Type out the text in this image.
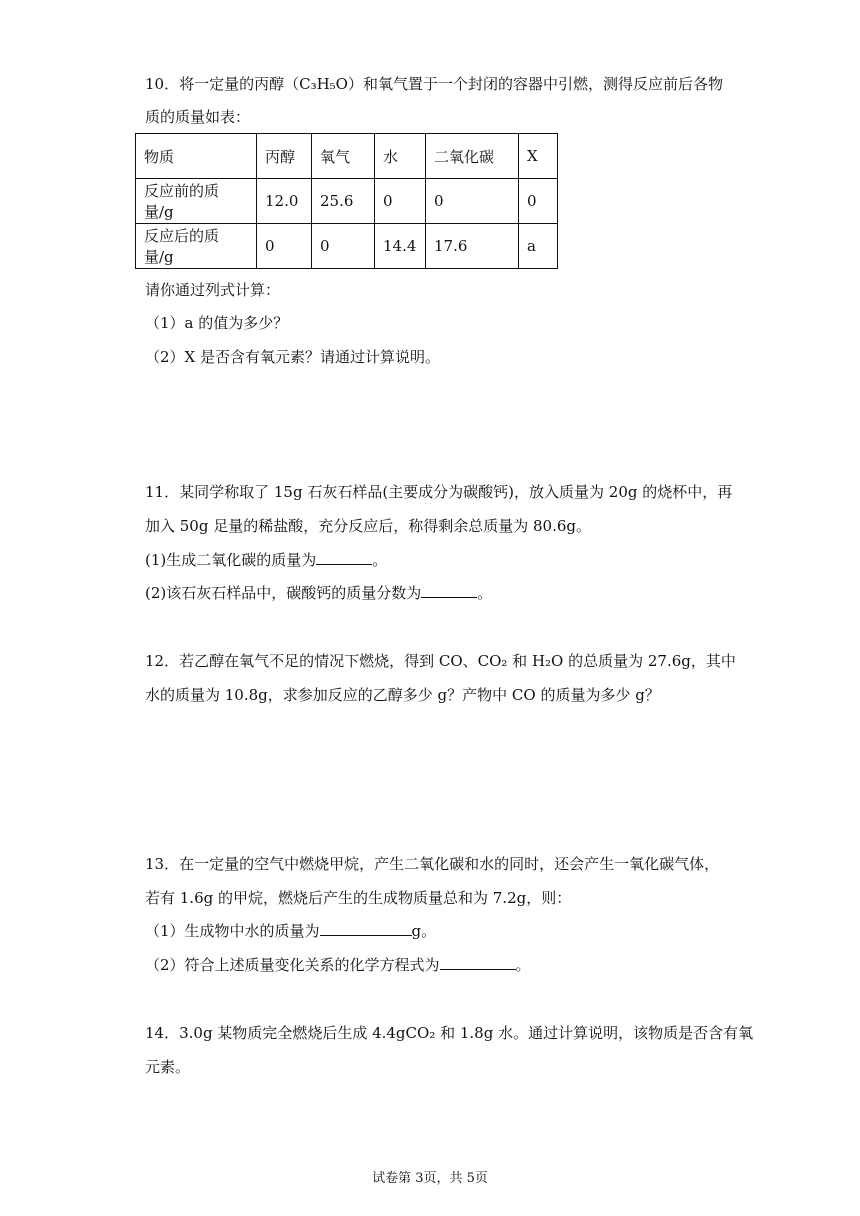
10．将一定量的丙醇（C₃H₅O）和氧气置于一个封闭的容器中引燃，测得反应前后各物
质的质量如表：
物质	丙醇	氧气	水	二氧化碳	X
反应前的质量/g	12.0	25.6	0	0	0
反应后的质量/g	0	0	14.4	17.6	a
请你通过列式计算：
（1）a 的值为多少？
（2）X 是否含有氧元素？请通过计算说明。
11．某同学称取了 15g 石灰石样品(主要成分为碳酸钙)，放入质量为 20g 的烧杯中，再
加入 50g 足量的稀盐酸，充分反应后，称得剩余总质量为 80.6g。
(1)生成二氧化碳的质量为	。
(2)该石灰石样品中，碳酸钙的质量分数为	。
12．若乙醇在氧气不足的情况下燃烧，得到 CO、CO₂ 和 H₂O 的总质量为 27.6g，其中
水的质量为 10.8g，求参加反应的乙醇多少 g？产物中 CO 的质量为多少 g？
13．在一定量的空气中燃烧甲烷，产生二氧化碳和水的同时，还会产生一氧化碳气体，
若有 1.6g 的甲烷，燃烧后产生的生成物质量总和为 7.2g，则：
（1）生成物中水的质量为	g。
（2）符合上述质量变化关系的化学方程式为	。
14．3.0g 某物质完全燃烧后生成 4.4gCO₂ 和 1.8g 水。通过计算说明，该物质是否含有氧
元素。
试卷第 3页，共 5页
